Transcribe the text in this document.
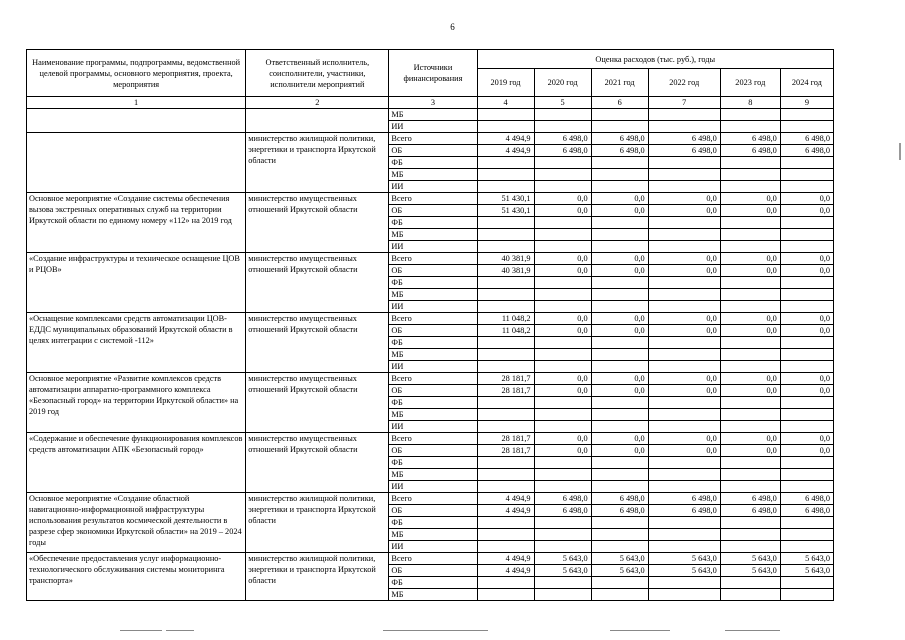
6
Наименование программы, подпрограммы, ведомственной целевой программы, основного мероприятия, проекта, мероприятия	Ответственный исполнитель, соисполнители, участники, исполнители мероприятий	Источники финансирования	Оценка расходов (тыс. руб.), годы					
			2019 год	2020 год	2021 год	2022 год	2023 год	2024 год
1	2	3	4	5	6	7	8	9
		МБ						
		ИИ						
	министерство жилищной политики, энергетики и транспорта Иркутской области	Всего	4 494,9	6 498,0	6 498,0	6 498,0	6 498,0	6 498,0
		ОБ	4 494,9	6 498,0	6 498,0	6 498,0	6 498,0	6 498,0
		ФБ						
		МБ						
		ИИ						
Основное мероприятие «Создание системы обеспечения вызова экстренных оперативных служб на территории Иркутской области по единому номеру «112» на 2019 год	министерство имущественных отношений Иркутской области	Всего	51 430,1	0,0	0,0	0,0	0,0	0,0
		ОБ	51 430,1	0,0	0,0	0,0	0,0	0,0
		ФБ						
		МБ						
		ИИ						
«Создание инфраструктуры и техническое оснащение ЦОВ и РЦОВ»	министерство имущественных отношений Иркутской области	Всего	40 381,9	0,0	0,0	0,0	0,0	0,0
		ОБ	40 381,9	0,0	0,0	0,0	0,0	0,0
		ФБ						
		МБ						
		ИИ						
«Оснащение комплексами средств автоматизации ЦОВ-ЕДДС муниципальных образований Иркутской области в целях интеграции с системой -112»	министерство имущественных отношений Иркутской области	Всего	11 048,2	0,0	0,0	0,0	0,0	0,0
		ОБ	11 048,2	0,0	0,0	0,0	0,0	0,0
		ФБ						
		МБ						
		ИИ						
Основное мероприятие «Развитие комплексов средств автоматизации аппаратно-программного комплекса «Безопасный город» на территории Иркутской области» на 2019 год	министерство имущественных отношений Иркутской области	Всего	28 181,7	0,0	0,0	0,0	0,0	0,0
		ОБ	28 181,7	0,0	0,0	0,0	0,0	0,0
		ФБ						
		МБ						
		ИИ						
«Содержание и обеспечение функционирования комплексов средств автоматизации АПК «Безопасный город»	министерство имущественных отношений Иркутской области	Всего	28 181,7	0,0	0,0	0,0	0,0	0,0
		ОБ	28 181,7	0,0	0,0	0,0	0,0	0,0
		ФБ						
		МБ						
		ИИ						
Основное мероприятие «Создание областной навигационно-информационной инфраструктуры использования результатов космической деятельности в разрезе сфер экономики Иркутской области» на 2019 – 2024 годы	министерство жилищной политики, энергетики и транспорта Иркутской области	Всего	4 494,9	6 498,0	6 498,0	6 498,0	6 498,0	6 498,0
		ОБ	4 494,9	6 498,0	6 498,0	6 498,0	6 498,0	6 498,0
		ФБ						
		МБ						
		ИИ						
«Обеспечение предоставления услуг информационно-технологического обслуживания системы мониторинга транспорта»	министерство жилищной политики, энергетики и транспорта Иркутской области	Всего	4 494,9	5 643,0	5 643,0	5 643,0	5 643,0	5 643,0
		ОБ	4 494,9	5 643,0	5 643,0	5 643,0	5 643,0	5 643,0
		ФБ						
		МБ						
